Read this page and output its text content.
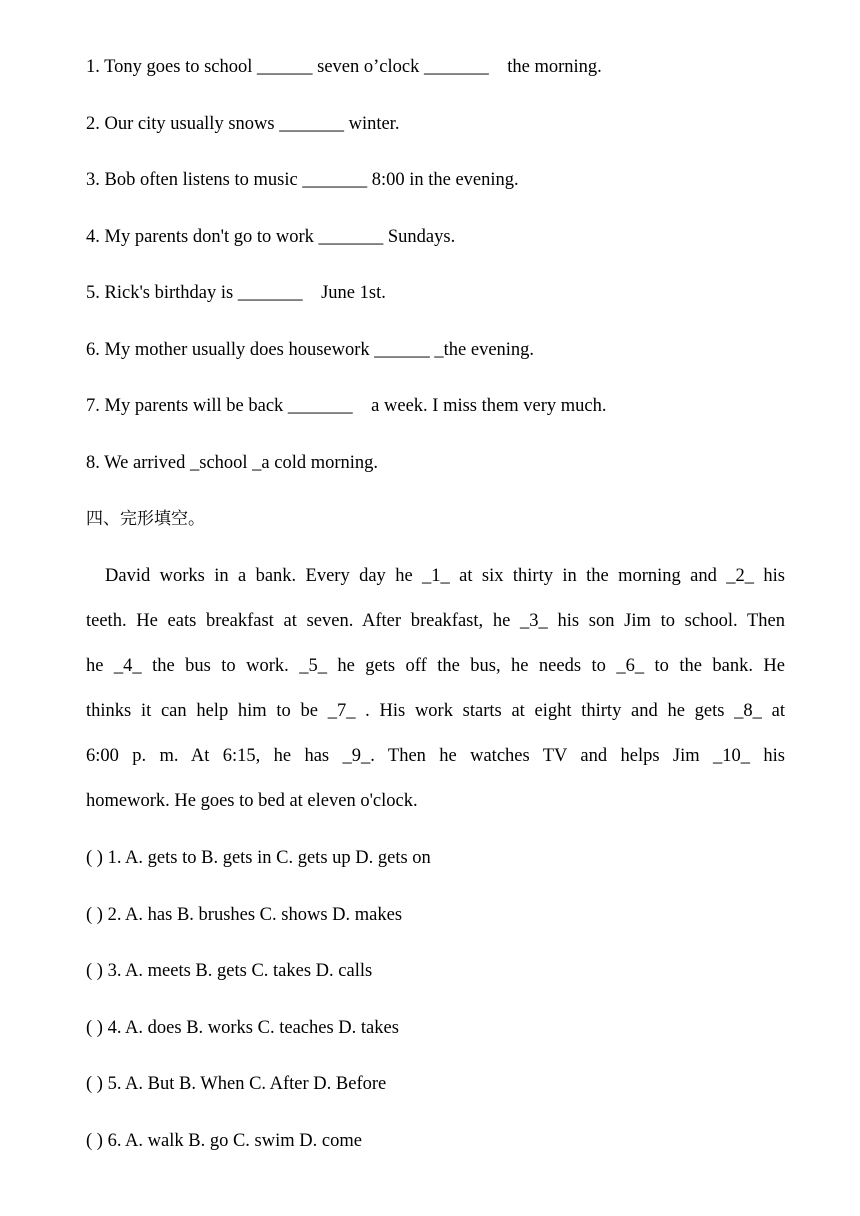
1. Tony goes to school ______ seven o’clock _______    the morning.

2. Our city usually snows _______ winter.

3. Bob often listens to music _______ 8:00 in the evening.

4. My parents don't go to work _______ Sundays.

5. Rick's birthday is _______    June 1st.

6. My mother usually does housework ______ _the evening.

7. My parents will be back _______    a week. I miss them very much.

8. We arrived _school _a cold morning.

四、完形填空。

David works in a bank. Every day he _1_ at six thirty in the morning and _2_ his
teeth. He eats breakfast at seven. After breakfast, he _3_ his son Jim to school. Then
he _4_ the bus to work. _5_ he gets off the bus, he needs to _6_ to the bank. He
thinks it can help him to be _7_ . His work starts at eight thirty and he gets _8_ at
6:00 p. m. At 6:15, he has _9_. Then he watches TV and helps Jim _10_ his
homework. He goes to bed at eleven o'clock.

( ) 1. A. gets to B. gets in C. gets up D. gets on

( ) 2. A. has B. brushes C. shows D. makes

( ) 3. A. meets B. gets C. takes D. calls

( ) 4. A. does B. works C. teaches D. takes

( ) 5. A. But B. When C. After D. Before

( ) 6. A. walk B. go C. swim D. come
